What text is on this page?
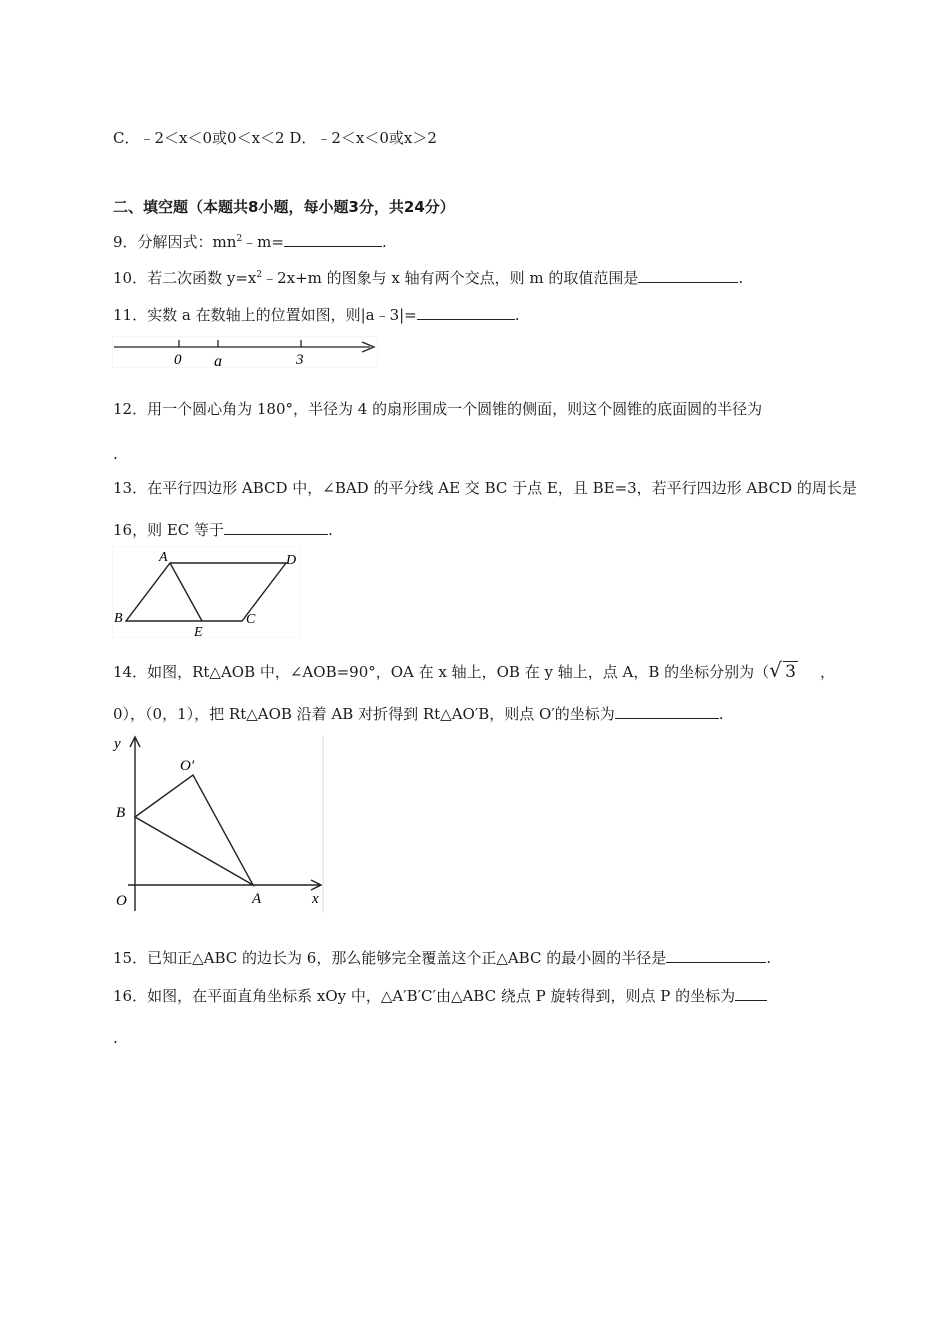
C．﹣2＜x＜0或0＜x＜2 D．﹣2＜x＜0或x＞2
二、填空题（本题共8小题，每小题3分，共24分）
9．分解因式：$mn^2﹣m=$	.
10．若二次函数 $y=x^2﹣2x+m$ 的图象与 x 轴有两个交点，则 m 的取值范围是	.
11．实数 a 在数轴上的位置如图，则|a﹣3|=	.
0 a	3
12．用一个圆心角为 180°，半径为 4 的扇形围成一个圆锥的侧面，则这个圆锥的底面圆的半径为
.
13．在平行四边形 ABCD 中，∠BAD 的平分线 AE 交 BC 于点 E，且 BE=3，若平行四边形 ABCD 的周长是
16，则 EC 等于	.
A	D
B	C
E
14．如图，Rt△AOB 中，∠AOB=90°，OA 在 x 轴上，OB 在 y 轴上，点 A，B 的坐标分别为（ √ 3 ，
0），（0，1），把 Rt△AOB 沿着 AB 对折得到 Rt△AO′B，则点 O′的坐标为	.
y
x
O	A
B
O′
15．已知正△ABC 的边长为 6，那么能够完全覆盖这个正△ABC 的最小圆的半径是	.
16．如图，在平面直角坐标系 xOy 中，△A′B′C′由△ABC 绕点 P 旋转得到，则点 P 的坐标为
.
